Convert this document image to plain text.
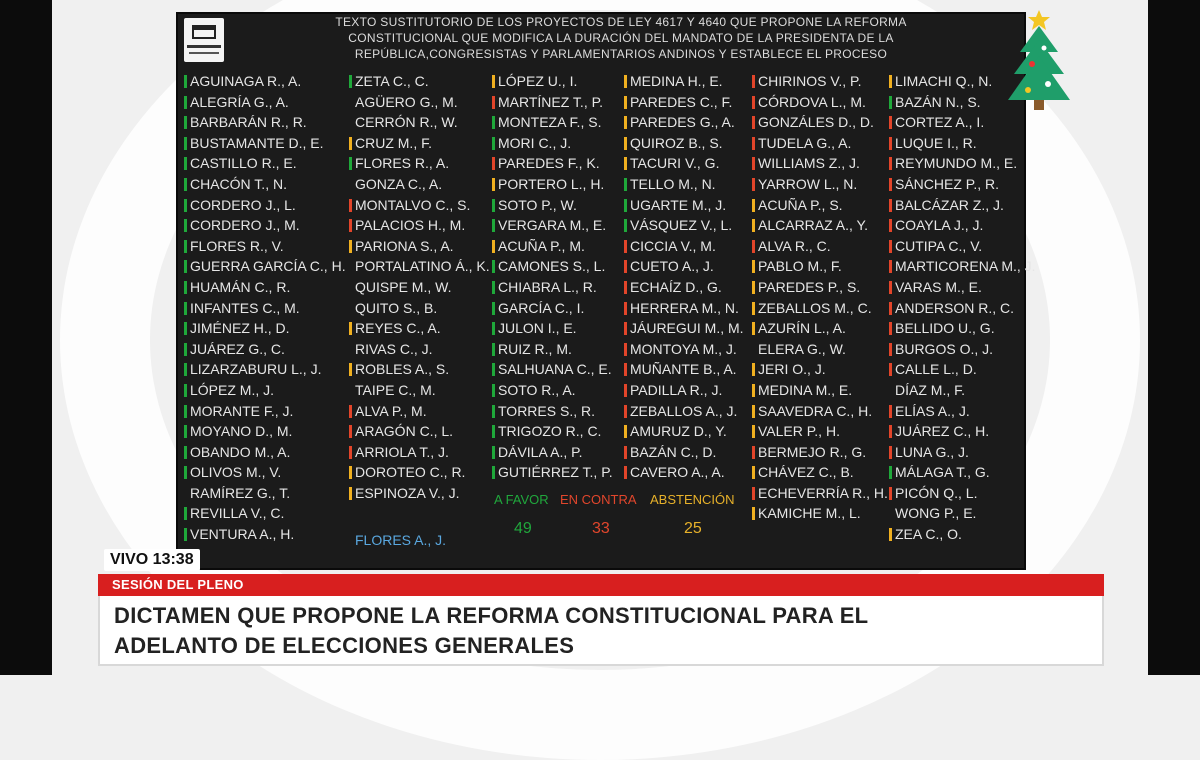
TEXTO SUSTITUTORIO DE LOS PROYECTOS DE LEY 4617 Y 4640 QUE PROPONE LA REFORMA
CONSTITUCIONAL QUE MODIFICA LA DURACIÓN DEL MANDATO DE LA PRESIDENTA DE LA
REPÚBLICA,CONGRESISTAS Y PARLAMENTARIOS ANDINOS Y ESTABLECE EL PROCESO
AGUINAGA R., A.
ALEGRÍA G., A.
BARBARÁN R., R.
BUSTAMANTE D., E.
CASTILLO R., E.
CHACÓN T., N.
CORDERO J., L.
CORDERO J., M.
FLORES R., V.
GUERRA GARCÍA C., H.
HUAMÁN C., R.
INFANTES C., M.
JIMÉNEZ H., D.
JUÁREZ G., C.
LIZARZABURU L., J.
LÓPEZ M., J.
MORANTE F., J.
MOYANO D., M.
OBANDO M., A.
OLIVOS M., V.
RAMÍREZ G., T.
REVILLA V., C.
VENTURA A., H.
ZETA C., C.
AGÜERO G., M.
CERRÓN R., W.
CRUZ M., F.
FLORES R., A.
GONZA C., A.
MONTALVO C., S.
PALACIOS H., M.
PARIONA S., A.
PORTALATINO Á., K.
QUISPE M., W.
QUITO S., B.
REYES C., A.
RIVAS C., J.
ROBLES A., S.
TAIPE C., M.
ALVA P., M.
ARAGÓN C., L.
ARRIOLA T., J.
DOROTEO C., R.
ESPINOZA V., J.
LÓPEZ U., I.
MARTÍNEZ T., P.
MONTEZA F., S.
MORI C., J.
PAREDES F., K.
PORTERO L., H.
SOTO P., W.
VERGARA M., E.
ACUÑA P., M.
CAMONES S., L.
CHIABRA L., R.
GARCÍA C., I.
JULON I., E.
RUIZ R., M.
SALHUANA C., E.
SOTO R., A.
TORRES S., R.
TRIGOZO R., C.
DÁVILA A., P.
GUTIÉRREZ T., P.
MEDINA H., E.
PAREDES C., F.
PAREDES G., A.
QUIROZ B., S.
TACURI V., G.
TELLO M., N.
UGARTE M., J.
VÁSQUEZ V., L.
CICCIA V., M.
CUETO A., J.
ECHAÍZ D., G.
HERRERA M., N.
JÁUREGUI M., M.
MONTOYA M., J.
MUÑANTE B., A.
PADILLA R., J.
ZEBALLOS A., J.
AMURUZ D., Y.
BAZÁN C., D.
CAVERO A., A.
CHIRINOS V., P.
CÓRDOVA L., M.
GONZÁLES D., D.
TUDELA G., A.
WILLIAMS Z., J.
YARROW L., N.
ACUÑA P., S.
ALCARRAZ A., Y.
ALVA R., C.
PABLO M., F.
PAREDES P., S.
ZEBALLOS M., C.
AZURÍN L., A.
ELERA G., W.
JERI O., J.
MEDINA M., E.
SAAVEDRA C., H.
VALER P., H.
BERMEJO R., G.
CHÁVEZ C., B.
ECHEVERRÍA R., H.
KAMICHE M., L.
LIMACHI Q., N.
BAZÁN N., S.
CORTEZ A., I.
LUQUE I., R.
REYMUNDO M., E.
SÁNCHEZ P., R.
BALCÁZAR Z., J.
COAYLA J., J.
CUTIPA C., V.
MARTICORENA M., J.
VARAS M., E.
ANDERSON R., C.
BELLIDO U., G.
BURGOS O., J.
CALLE L., D.
DÍAZ M., F.
ELÍAS A., J.
JUÁREZ C., H.
LUNA G., J.
MÁLAGA T., G.
PICÓN Q., L.
WONG P., E.
ZEA C., O.
FLORES A., J.
A FAVOR EN CONTRA ABSTENCIÓN
49	33	25
VIVO 13:38
SESIÓN DEL PLENO
DICTAMEN QUE PROPONE LA REFORMA CONSTITUCIONAL PARA EL
ADELANTO DE ELECCIONES GENERALES
